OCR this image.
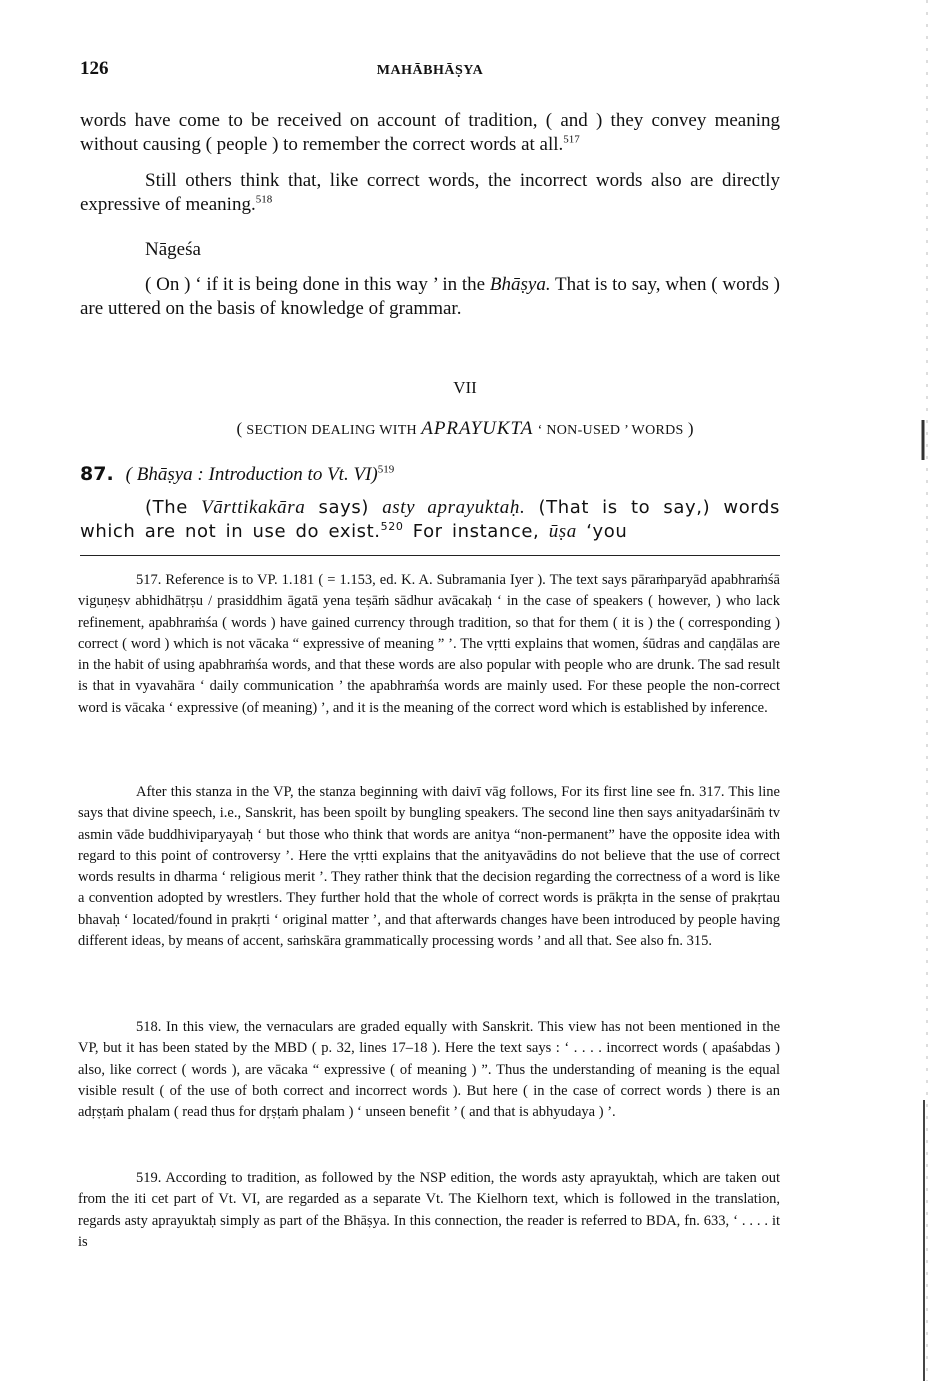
126	MAHĀBHĀṢYA

words have come to be received on account of tradition, ( and ) they convey meaning without causing ( people ) to remember the correct words at all.$^{517}$

Still others think that, like correct words, the incorrect words also are directly expressive of meaning.$^{518}$

Nāgeśa

( On ) ‘ if it is being done in this way ’ in the Bhāṣya. That is to say, when ( words ) are uttered on the basis of knowledge of grammar.

VII
( SECTION DEALING WITH APRAYUKTA ‘ NON-USED ’ WORDS )

87. ( Bhāṣya : Introduction to Vt. VI)$^{519}$

(The Vārttikakāra says) asty aprayuktaḥ. (That is to say,) words which are not in use do exist.$^{520}$ For instance, ūṣa ‘you

517. Reference is to VP. 1.181 ( = 1.153, ed. K. A. Subramania Iyer ). The text says pāraṁparyād apabhraṁśā viguṇeṣv abhidhātṛṣu / prasiddhim āgatā yena teṣāṁ sādhur avācakaḥ ‘ in the case of speakers ( however, ) who lack refinement, apabhraṁśa ( words ) have gained currency through tradition, so that for them ( it is ) the ( corresponding ) correct ( word ) which is not vācaka “ expressive of meaning ” ’. The vṛtti explains that women, śūdras and caṇḍālas are in the habit of using apabhraṁśa words, and that these words are also popular with people who are drunk. The sad result is that in vyavahāra ‘ daily communication ’ the apabhraṁśa words are mainly used. For these people the non-correct word is vācaka ‘ expressive (of meaning) ’, and it is the meaning of the correct word which is established by inference.

After this stanza in the VP, the stanza beginning with daivī vāg follows, For its first line see fn. 317. This line says that divine speech, i.e., Sanskrit, has been spoilt by bungling speakers. The second line then says anityadarśināṁ tv asmin vāde buddhiviparyayaḥ ‘ but those who think that words are anitya “non-permanent” have the opposite idea with regard to this point of controversy ’. Here the vṛtti explains that the anityavādins do not believe that the use of correct words results in dharma ‘ religious merit ’. They rather think that the decision regarding the correctness of a word is like a convention adopted by wrestlers. They further hold that the whole of correct words is prākṛta in the sense of prakṛtau bhavaḥ ‘ located/found in prakṛti ‘ original matter ’, and that afterwards changes have been introduced by people having different ideas, by means of accent, saṁskāra grammatically processing words ’ and all that. See also fn. 315.

518. In this view, the vernaculars are graded equally with Sanskrit. This view has not been mentioned in the VP, but it has been stated by the MBD ( p. 32, lines 17–18 ). Here the text says : ‘ . . . . incorrect words ( apaśabdas ) also, like correct ( words ), are vācaka “ expressive ( of meaning ) ”. Thus the understanding of meaning is the equal visible result ( of the use of both correct and incorrect words ). But here ( in the case of correct words ) there is an adṛṣṭaṁ phalam ( read thus for dṛṣṭaṁ phalam ) ‘ unseen benefit ’ ( and that is abhyudaya ) ’.

519. According to tradition, as followed by the NSP edition, the words asty aprayuktaḥ, which are taken out from the iti cet part of Vt. VI, are regarded as a separate Vt. The Kielhorn text, which is followed in the translation, regards asty aprayuktaḥ simply as part of the Bhāṣya. In this connection, the reader is referred to BDA, fn. 633, ‘ . . . . it is
